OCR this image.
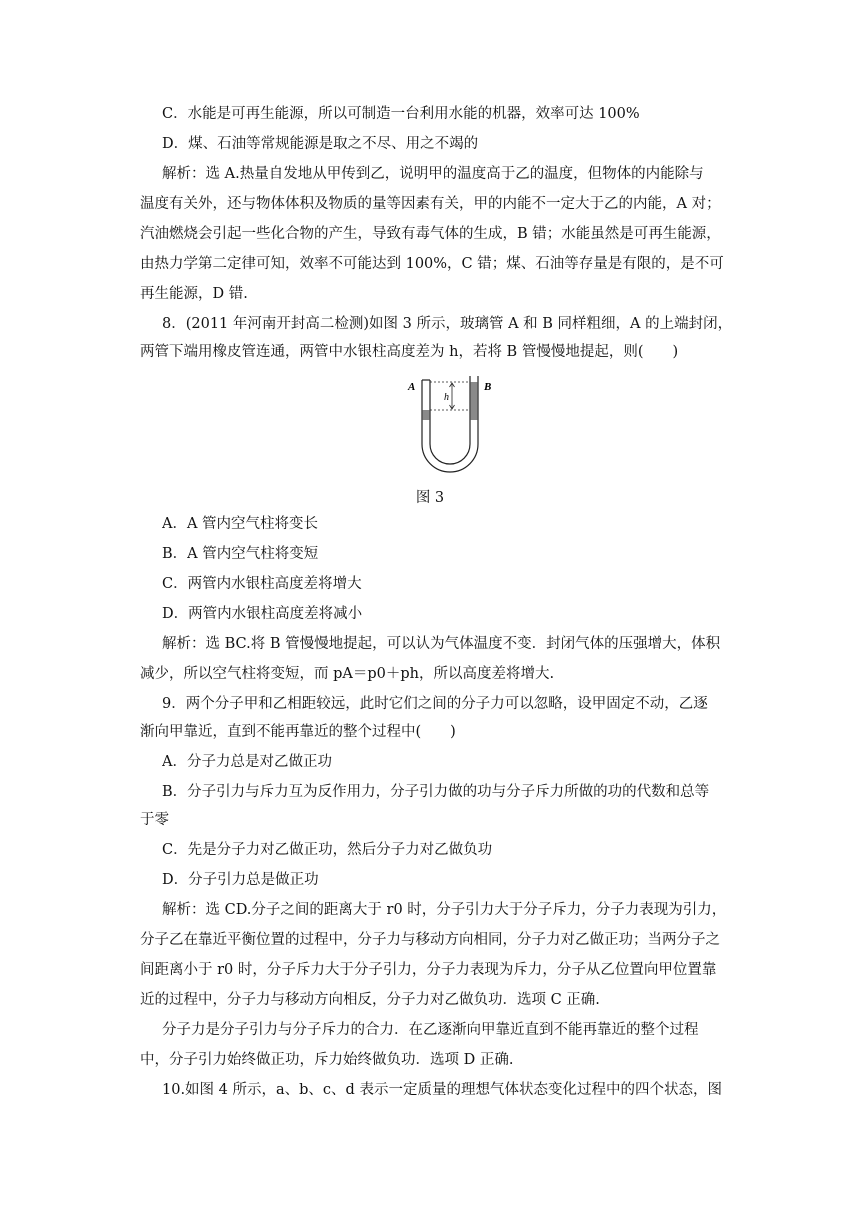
C．水能是可再生能源，所以可制造一台利用水能的机器，效率可达 100%
D．煤、石油等常规能源是取之不尽、用之不竭的
解析：选 A.热量自发地从甲传到乙，说明甲的温度高于乙的温度，但物体的内能除与
温度有关外，还与物体体积及物质的量等因素有关，甲的内能不一定大于乙的内能，A 对；
汽油燃烧会引起一些化合物的产生，导致有毒气体的生成，B 错；水能虽然是可再生能源，
由热力学第二定律可知，效率不可能达到 100%，C 错；煤、石油等存量是有限的，是不可
再生能源，D 错.
8．(2011 年河南开封高二检测)如图 3 所示，玻璃管 A 和 B 同样粗细，A 的上端封闭，
两管下端用橡皮管连通，两管中水银柱高度差为 h，若将 B 管慢慢地提起，则(　　)
A．A 管内空气柱将变长
B．A 管内空气柱将变短
C．两管内水银柱高度差将增大
D．两管内水银柱高度差将减小
解析：选 BC.将 B 管慢慢地提起，可以认为气体温度不变．封闭气体的压强增大，体积
减少，所以空气柱将变短，而 pA＝p0＋ph，所以高度差将增大.
9．两个分子甲和乙相距较远，此时它们之间的分子力可以忽略，设甲固定不动，乙逐
渐向甲靠近，直到不能再靠近的整个过程中(　　)
A．分子力总是对乙做正功
B．分子引力与斥力互为反作用力，分子引力做的功与分子斥力所做的功的代数和总等
于零
C．先是分子力对乙做正功，然后分子力对乙做负功
D．分子引力总是做正功
解析：选 CD.分子之间的距离大于 r0 时，分子引力大于分子斥力，分子力表现为引力，
分子乙在靠近平衡位置的过程中，分子力与移动方向相同，分子力对乙做正功；当两分子之
间距离小于 r0 时，分子斥力大于分子引力，分子力表现为斥力，分子从乙位置向甲位置靠
近的过程中，分子力与移动方向相反，分子力对乙做负功．选项 C 正确.
分子力是分子引力与分子斥力的合力．在乙逐渐向甲靠近直到不能再靠近的整个过程
中，分子引力始终做正功，斥力始终做负功．选项 D 正确.
10.如图 4 所示，a、b、c、d 表示一定质量的理想气体状态变化过程中的四个状态，图
h
A	B
图 3
